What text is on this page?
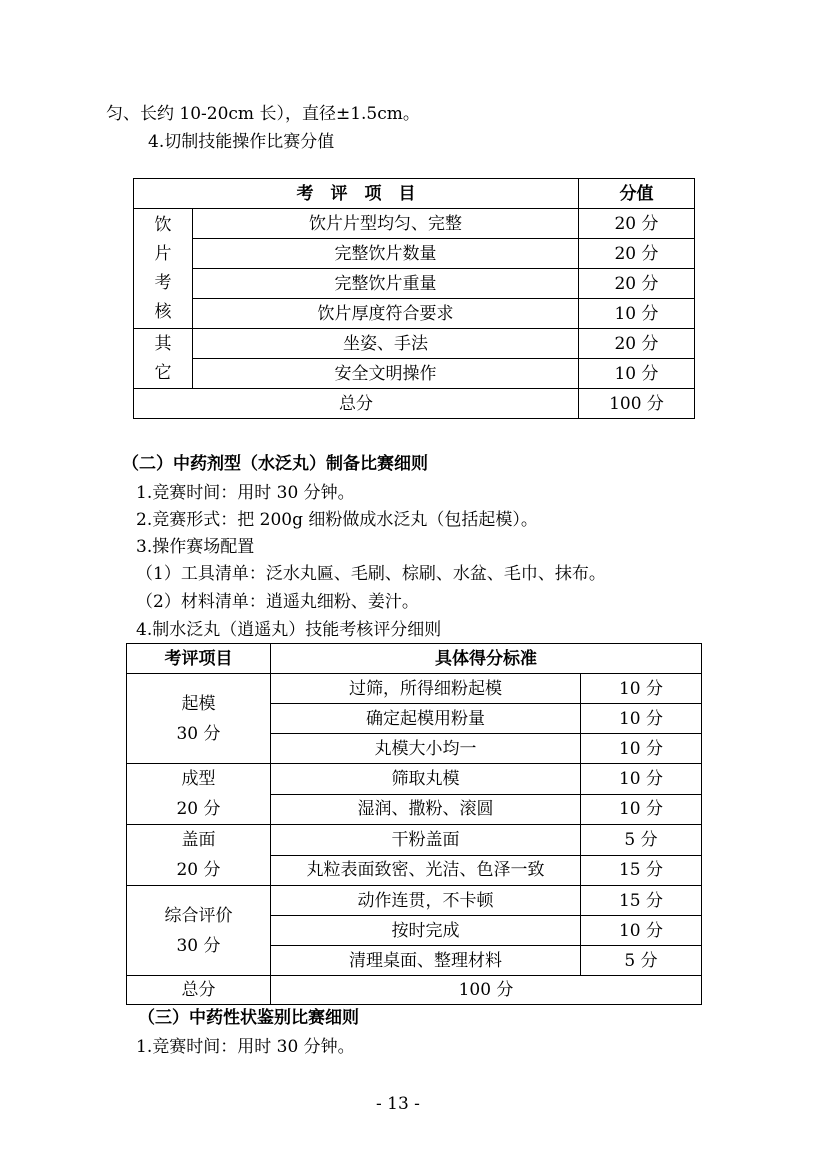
匀、长约 10-20cm 长），直径±1.5cm。
4.切制技能操作比赛分值
考　评　项　目		分值

饮
片
考
核	饮片片型均匀、完整	20 分
	完整饮片数量	20 分
	完整饮片重量	20 分
	饮片厚度符合要求	10 分

其
它	坐姿、手法	20 分
	安全文明操作	10 分
总分		100 分
（二）中药剂型（水泛丸）制备比赛细则
1.竞赛时间：用时 30 分钟。
2.竞赛形式：把 200g 细粉做成水泛丸（包括起模）。
3.操作赛场配置
（1）工具清单：泛水丸匾、毛刷、棕刷、水盆、毛巾、抹布。
（2）材料清单：逍遥丸细粉、姜汁。
4.制水泛丸（逍遥丸）技能考核评分细则
考评项目	具体得分标准	

起模
30 分	过筛，所得细粉起模	10 分
	确定起模用粉量	10 分
	丸模大小均一	10 分

成型
20 分	筛取丸模	10 分
	湿润、撒粉、滚圆	10 分

盖面
20 分	干粉盖面	5 分
	丸粒表面致密、光洁、色泽一致	15 分

综合评价
30 分	动作连贯，不卡顿	15 分
	按时完成	10 分
	清理桌面、整理材料	5 分
总分	100 分	
（三）中药性状鉴别比赛细则
1.竞赛时间：用时 30 分钟。
- 13 -
